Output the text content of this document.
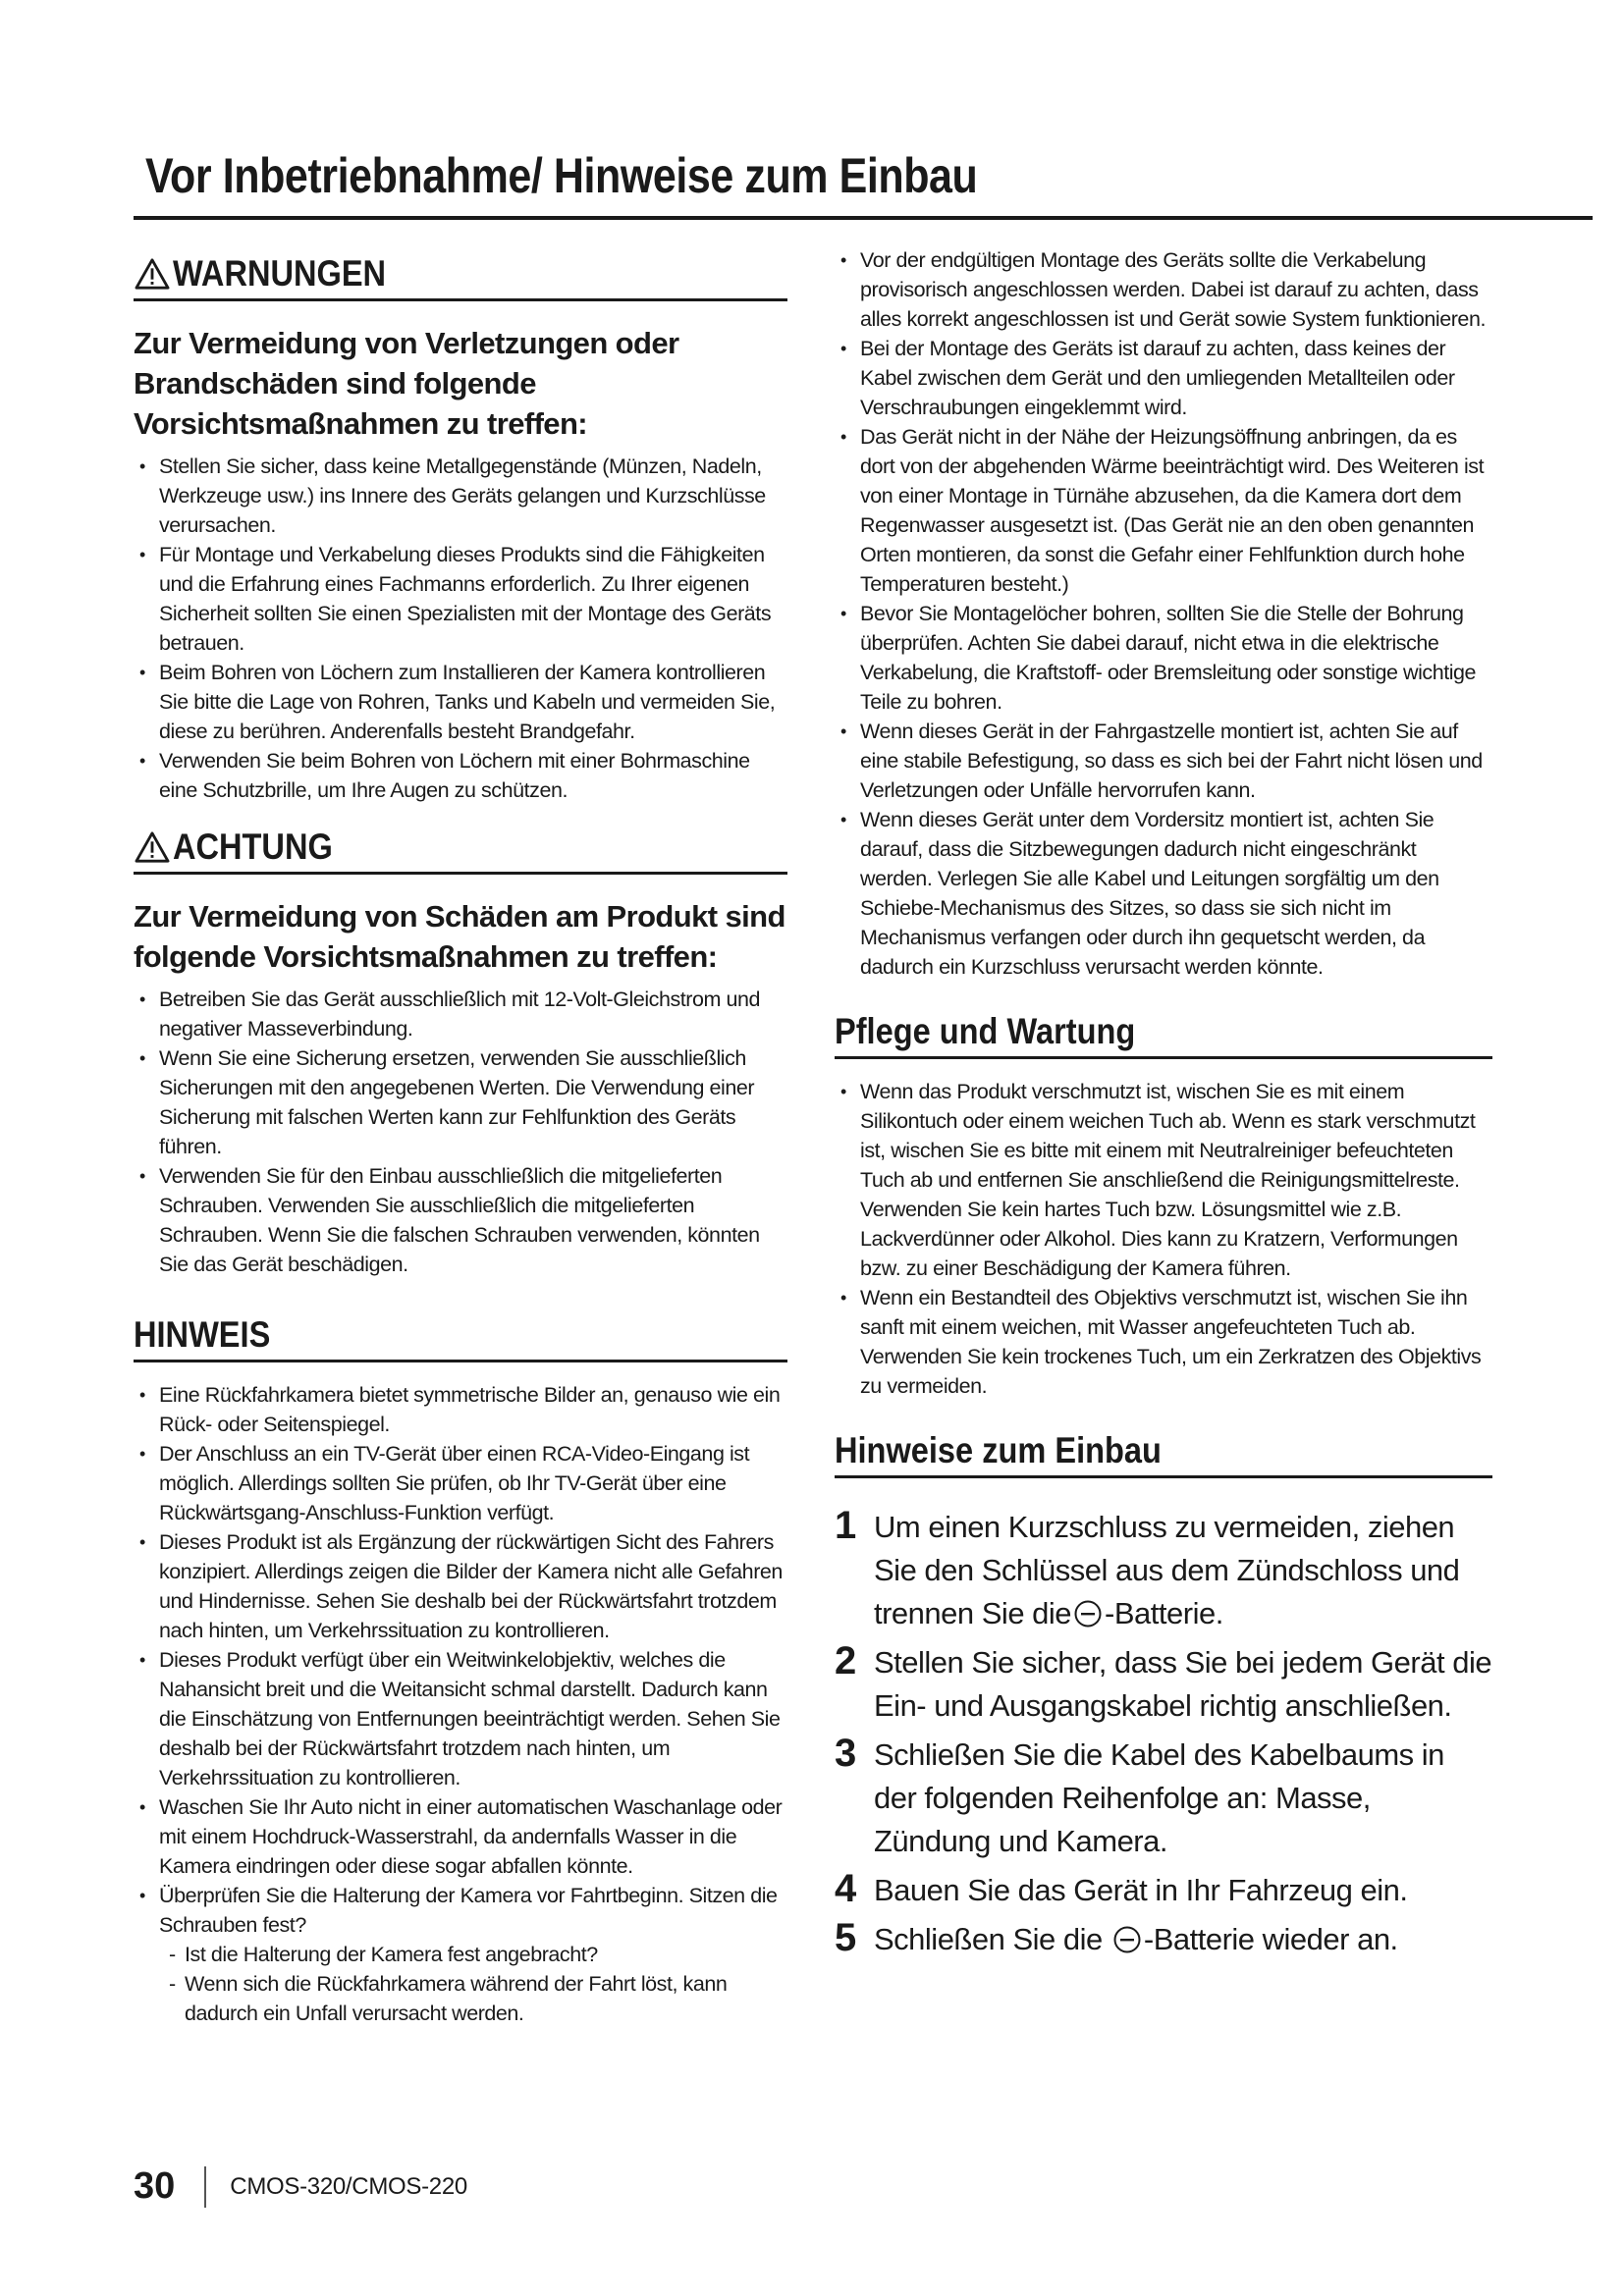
Vor Inbetriebnahme/ Hinweise zum Einbau
WARNUNGEN
Zur Vermeidung von Verletzungen oder Brandschäden sind folgende Vorsichtsmaßnahmen zu treffen:
• Stellen Sie sicher, dass keine Metallgegenstände (Münzen, Nadeln, Werkzeuge usw.) ins Innere des Geräts gelangen und Kurzschlüsse verursachen.
• Für Montage und Verkabelung dieses Produkts sind die Fähigkeiten und die Erfahrung eines Fachmanns erforderlich. Zu Ihrer eigenen Sicherheit sollten Sie einen Spezialisten mit der Montage des Geräts betrauen.
• Beim Bohren von Löchern zum Installieren der Kamera kontrollieren Sie bitte die Lage von Rohren, Tanks und Kabeln und vermeiden Sie, diese zu berühren. Anderenfalls besteht Brandgefahr.
• Verwenden Sie beim Bohren von Löchern mit einer Bohrmaschine eine Schutzbrille, um Ihre Augen zu schützen.
ACHTUNG
Zur Vermeidung von Schäden am Produkt sind folgende Vorsichtsmaßnahmen zu treffen:
• Betreiben Sie das Gerät ausschließlich mit 12-Volt-Gleichstrom und negativer Masseverbindung.
• Wenn Sie eine Sicherung ersetzen, verwenden Sie ausschließlich Sicherungen mit den angegebenen Werten. Die Verwendung einer Sicherung mit falschen Werten kann zur Fehlfunktion des Geräts führen.
• Verwenden Sie für den Einbau ausschließlich die mitgelieferten Schrauben. Verwenden Sie ausschließlich die mitgelieferten Schrauben. Wenn Sie die falschen Schrauben verwenden, könnten Sie das Gerät beschädigen.
HINWEIS
• Eine Rückfahrkamera bietet symmetrische Bilder an, genauso wie ein Rück- oder Seitenspiegel.
• Der Anschluss an ein TV-Gerät über einen RCA-Video-Eingang ist möglich. Allerdings sollten Sie prüfen, ob Ihr TV-Gerät über eine Rückwärtsgang-Anschluss-Funktion verfügt.
• Dieses Produkt ist als Ergänzung der rückwärtigen Sicht des Fahrers konzipiert. Allerdings zeigen die Bilder der Kamera nicht alle Gefahren und Hindernisse. Sehen Sie deshalb bei der Rückwärtsfahrt trotzdem nach hinten, um Verkehrssituation zu kontrollieren.
• Dieses Produkt verfügt über ein Weitwinkelobjektiv, welches die Nahansicht breit und die Weitansicht schmal darstellt. Dadurch kann die Einschätzung von Entfernungen beeinträchtigt werden. Sehen Sie deshalb bei der Rückwärtsfahrt trotzdem nach hinten, um Verkehrssituation zu kontrollieren.
• Waschen Sie Ihr Auto nicht in einer automatischen Waschanlage oder mit einem Hochdruck-Wasserstrahl, da andernfalls Wasser in die Kamera eindringen oder diese sogar abfallen könnte.
• Überprüfen Sie die Halterung der Kamera vor Fahrtbeginn. Sitzen die Schrauben fest?
- Ist die Halterung der Kamera fest angebracht?
- Wenn sich die Rückfahrkamera während der Fahrt löst, kann dadurch ein Unfall verursacht werden.
• Vor der endgültigen Montage des Geräts sollte die Verkabelung provisorisch angeschlossen werden. Dabei ist darauf zu achten, dass alles korrekt angeschlossen ist und Gerät sowie System funktionieren.
• Bei der Montage des Geräts ist darauf zu achten, dass keines der Kabel zwischen dem Gerät und den umliegenden Metallteilen oder Verschraubungen eingeklemmt wird.
• Das Gerät nicht in der Nähe der Heizungsöffnung anbringen, da es dort von der abgehenden Wärme beeinträchtigt wird. Des Weiteren ist von einer Montage in Türnähe abzusehen, da die Kamera dort dem Regenwasser ausgesetzt ist. (Das Gerät nie an den oben genannten Orten montieren, da sonst die Gefahr einer Fehlfunktion durch hohe Temperaturen besteht.)
• Bevor Sie Montagelöcher bohren, sollten Sie die Stelle der Bohrung überprüfen. Achten Sie dabei darauf, nicht etwa in die elektrische Verkabelung, die Kraftstoff- oder Bremsleitung oder sonstige wichtige Teile zu bohren.
• Wenn dieses Gerät in der Fahrgastzelle montiert ist, achten Sie auf eine stabile Befestigung, so dass es sich bei der Fahrt nicht lösen und Verletzungen oder Unfälle hervorrufen kann.
• Wenn dieses Gerät unter dem Vordersitz montiert ist, achten Sie darauf, dass die Sitzbewegungen dadurch nicht eingeschränkt werden. Verlegen Sie alle Kabel und Leitungen sorgfältig um den Schiebe-Mechanismus des Sitzes, so dass sie sich nicht im Mechanismus verfangen oder durch ihn gequetscht werden, da dadurch ein Kurzschluss verursacht werden könnte.
Pflege und Wartung
• Wenn das Produkt verschmutzt ist, wischen Sie es mit einem Silikontuch oder einem weichen Tuch ab. Wenn es stark verschmutzt ist, wischen Sie es bitte mit einem mit Neutralreiniger befeuchteten Tuch ab und entfernen Sie anschließend die Reinigungsmittelreste. Verwenden Sie kein hartes Tuch bzw. Lösungsmittel wie z.B. Lackverdünner oder Alkohol. Dies kann zu Kratzern, Verformungen bzw. zu einer Beschädigung der Kamera führen.
• Wenn ein Bestandteil des Objektivs verschmutzt ist, wischen Sie ihn sanft mit einem weichen, mit Wasser angefeuchteten Tuch ab. Verwenden Sie kein trockenes Tuch, um ein Zerkratzen des Objektivs zu vermeiden.
Hinweise zum Einbau
1 Um einen Kurzschluss zu vermeiden, ziehen Sie den Schlüssel aus dem Zündschloss und trennen Sie die -Batterie.
2 Stellen Sie sicher, dass Sie bei jedem Gerät die Ein- und Ausgangskabel richtig anschließen.
3 Schließen Sie die Kabel des Kabelbaums in der folgenden Reihenfolge an: Masse, Zündung und Kamera.
4 Bauen Sie das Gerät in Ihr Fahrzeug ein.
5 Schließen Sie die -Batterie wieder an.
30 CMOS-320/CMOS-220
